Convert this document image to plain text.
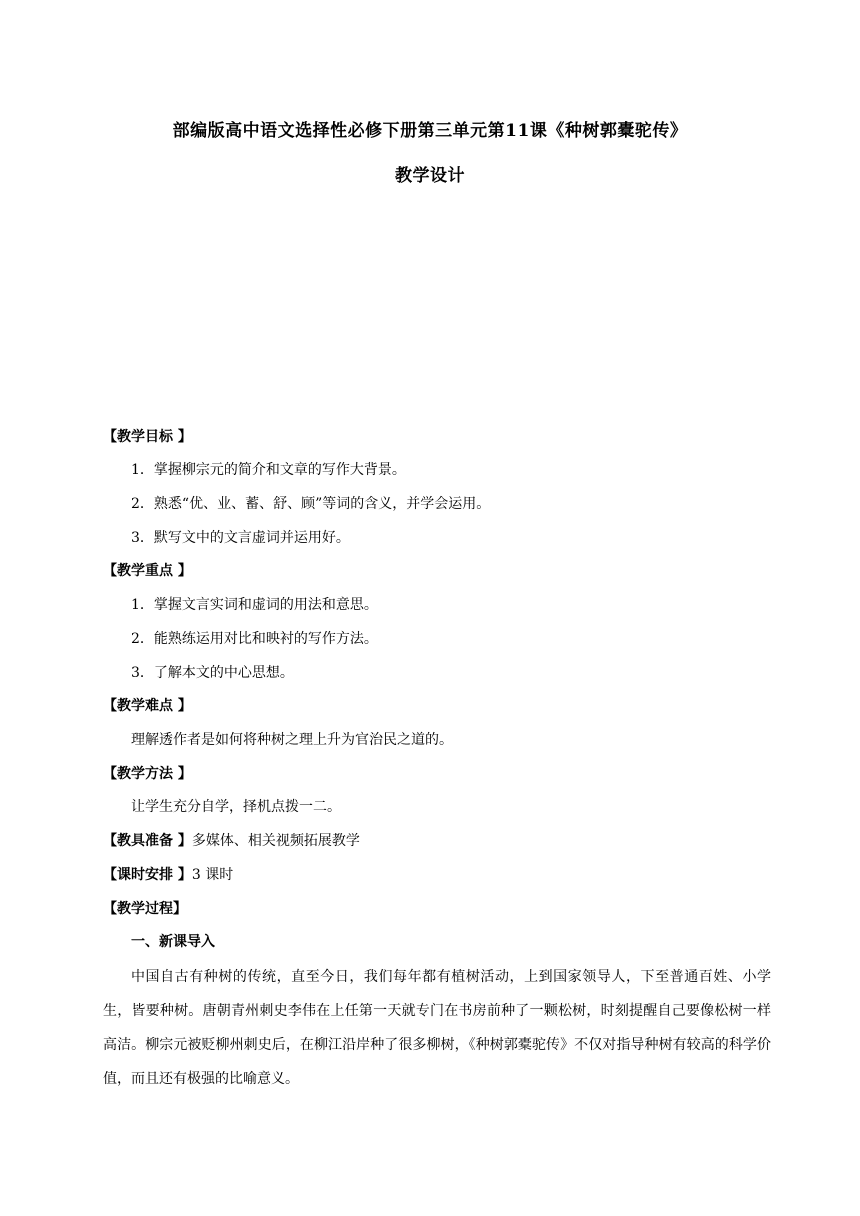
部编版高中语文选择性必修下册第三单元第11课《种树郭橐驼传》
教学设计
【教学目标 】
1．掌握柳宗元的简介和文章的写作大背景。
2．熟悉“优、业、蓄、舒、顾”等词的含义，并学会运用。
3．默写文中的文言虚词并运用好。
【教学重点 】
1．掌握文言实词和虚词的用法和意思。
2．能熟练运用对比和映衬的写作方法。
3．了解本文的中心思想。
【教学难点 】
理解透作者是如何将种树之理上升为官治民之道的。
【教学方法 】
让学生充分自学，择机点拨一二。
【教具准备 】多媒体、相关视频拓展教学
【课时安排 】3 课时
【教学过程】
一、新课导入

中国自古有种树的传统，直至今日，我们每年都有植树活动，上到国家领导人，下至普通百姓、小学生，皆要种树。唐朝青州刺史李伟在上任第一天就专门在书房前种了一颗松树，时刻提醒自己要像松树一样高洁。柳宗元被贬柳州刺史后，在柳江沿岸种了很多柳树，《种树郭橐驼传》不仅对指导种树有较高的科学价值，而且还有极强的比喻意义。
